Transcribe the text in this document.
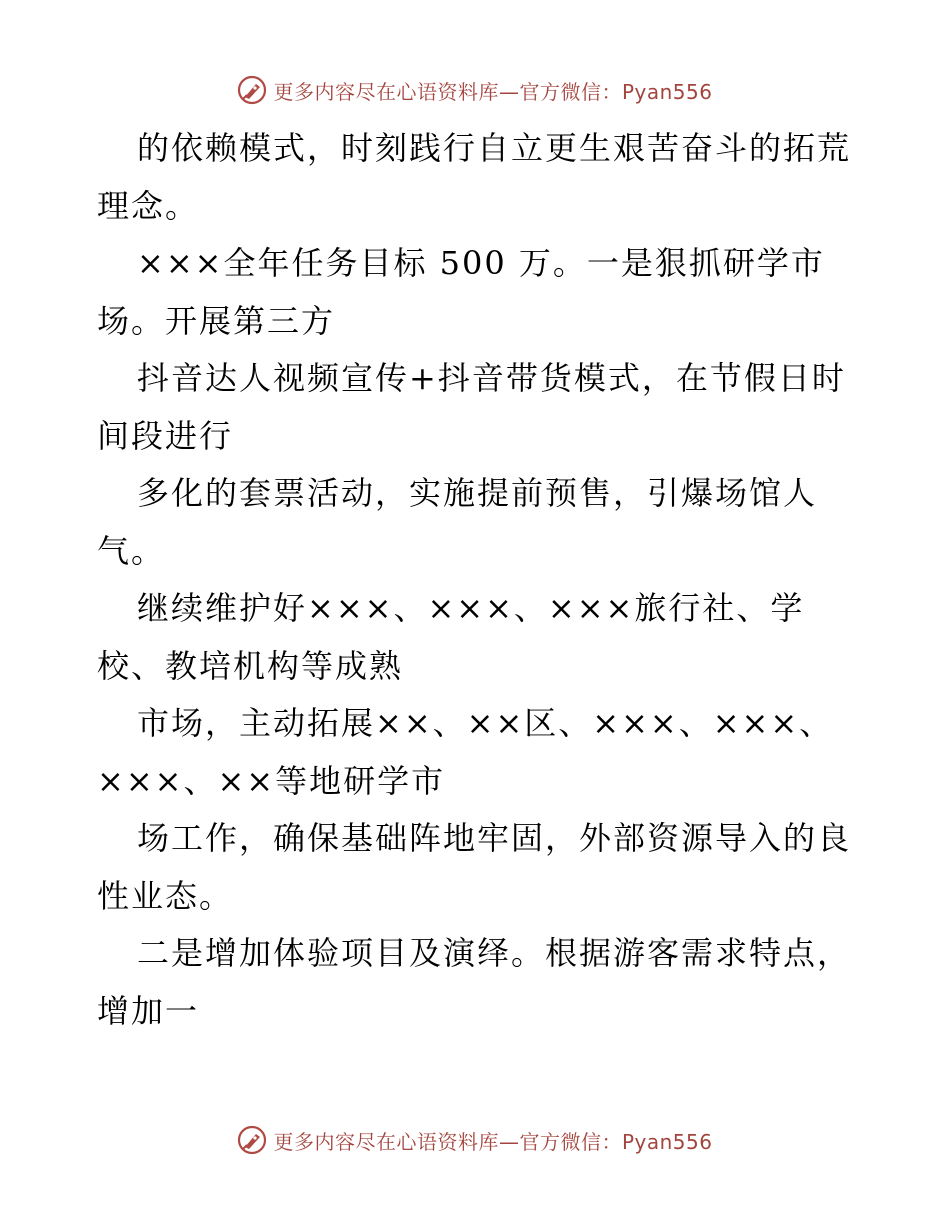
更多内容尽在心语资料库—官方微信：Pyan556

的依赖模式，时刻践行自立更生艰苦奋斗的拓荒理念。

×××全年任务目标 500 万。一是狠抓研学市场。开展第三方

抖音达人视频宣传+抖音带货模式，在节假日时间段进行

多化的套票活动，实施提前预售，引爆场馆人气。

继续维护好×××、×××、×××旅行社、学校、教培机构等成熟

市场，主动拓展××、××区、×××、×××、×××、××等地研学市

场工作，确保基础阵地牢固，外部资源导入的良性业态。

二是增加体验项目及演绎。根据游客需求特点，增加一

更多内容尽在心语资料库—官方微信：Pyan556
